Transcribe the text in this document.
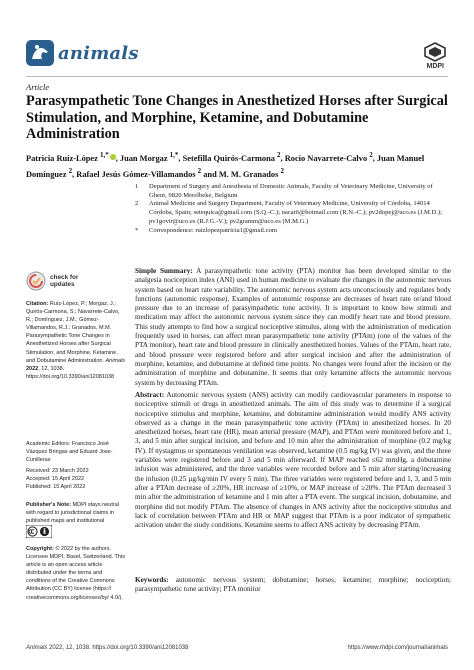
animals
MDPI
Article
Parasympathetic Tone Changes in Anesthetized Horses after Surgical Stimulation, and Morphine, Ketamine, and Dobutamine Administration
Patricia Ruíz-López $^{1,*}$ , Juan Morgaz $^{1,*}$, Setefilla Quirós-Carmona $^2$, Rocío Navarrete-Calvo $^2$, Juan Manuel Domínguez $^2$, Rafael Jesús Gómez-Villamandos $^2$ and M. M. Granados $^2$
1	Department of Surgery and Anesthesia of Domestic Animals, Faculty of Veterinary Medicine, University of Ghent, 9820 Merelbeke, Belgium
2	Animal Medicine and Surgery Department, Faculty of Veterinary Medicine, University of Córdoba, 14014 Córdoba, Spain; setequica@gmail.com (S.Q.-C.); nacar6@hotmail.com (R.N.-C.); pv2dopej@uco.es (J.M.D.); pv1govir@uco.es (R.J.G.-V.); pv2gramm@uco.es (M.M.G.)
*	Correspondence: ruizlopezpatricia1@gmail.com

Simple Summary: A parasympathetic tone activity (PTA) monitor has been developed similar to the analgesia nociception index (ANI) used in human medicine to evaluate the changes in the autonomic nervous system based on heart rate variability. The autonomic nervous system acts unconsciously and regulates body functions (autonomic response). Examples of autonomic response are decreases of heart rate or/and blood pressure due to an increase of parasympathetic tone activity. It is important to know how stimuli and medication may affect the autonomic nervous system since they can modify heart rate and blood pressure. This study attempts to find how a surgical nociceptive stimulus, along with the administration of medication frequently used in horses, can affect mean parasympathetic tone activity (PTAm) (one of the values of the PTA monitor), heart rate and blood pressure in clinically anesthetized horses. Values of the PTAm, heart rate, and blood pressure were registered before and after surgical incision and after the administration of morphine, ketamine, and dobutamine at defined time points. No changes were found after the incision or the administration of morphine and dobutamine. It seems that only ketamine affects the autonomic nervous system by decreasing PTAm.

Abstract: Autonomic nervous system (ANS) activity can modify cardiovascular parameters in response to nociceptive stimuli or drugs in anesthetized animals. The aim of this study was to determine if a surgical nociceptive stimulus and morphine, ketamine, and dobutamine administration would modify ANS activity observed as a change in the mean parasympathetic tone activity (PTAm) in anesthetized horses. In 20 anesthetized horses, heart rate (HR), mean arterial pressure (MAP), and PTAm were monitored before and 1, 3, and 5 min after surgical incision, and before and 10 min after the administration of morphine (0.2 mg/kg IV). If nystagmus or spontaneous ventilation was observed, ketamine (0.5 mg/kg IV) was given, and the three variables were registered before and 3 and 5 min afterward. If MAP reached ≤62 mmHg, a dobutamine infusion was administered, and the three variables were recorded before and 5 min after starting/increasing the infusion (0.25 µg/kg/min IV every 5 min). The three variables were registered before and 1, 3, and 5 min after a PTAm decrease of ≥20%, HR increase of ≥10%, or MAP increase of ≥20%. The PTAm decreased 3 min after the administration of ketamine and 1 min after a PTA event. The surgical incision, dobutamine, and morphine did not modify PTAm. The absence of changes in ANS activity after the nociceptive stimulus and lack of correlation between PTAm and HR or MAP suggest that PTAm is a poor indicator of sympathetic activation under the study conditions. Ketamine seems to affect ANS activity by decreasing PTAm.

Keywords: autonomic nervous system; dobutamine; horses; ketamine; morphine; nociception; parasympathetic tone activity; PTA monitor

check for
updates
Citation: Ruíz-López, P.; Morgaz, J.; Quirós-Carmona, S.; Navarrete-Calvo, R.; Domínguez, J.M.; Gómez-Villamandos, R.J.; Granados, M.M. Parasympathetic Tone Changes in Anesthetized Horses after Surgical Stimulation, and Morphine, Ketamine, and Dobutamine Administration. Animals 2022, 12, 1038. https://doi.org/10.3390/ani12081038
Academic Editors: Francisco José Vázquez Bringas and Eduard Jose-Cunilleras
Received: 23 March 2022
Accepted: 15 April 2022
Published: 15 April 2022
Publisher's Note: MDPI stays neutral with regard to jurisdictional claims in published maps and institutional
Copyright: © 2022 by the authors. Licensee MDPI, Basel, Switzerland. This article is an open access article distributed under the terms and conditions of the Creative Commons Attribution (CC BY) license (https:// creativecommons.org/licenses/by/ 4.0/).
Animals 2022, 12, 1038. https://doi.org/10.3390/ani12081038	https://www.mdpi.com/journal/animals
